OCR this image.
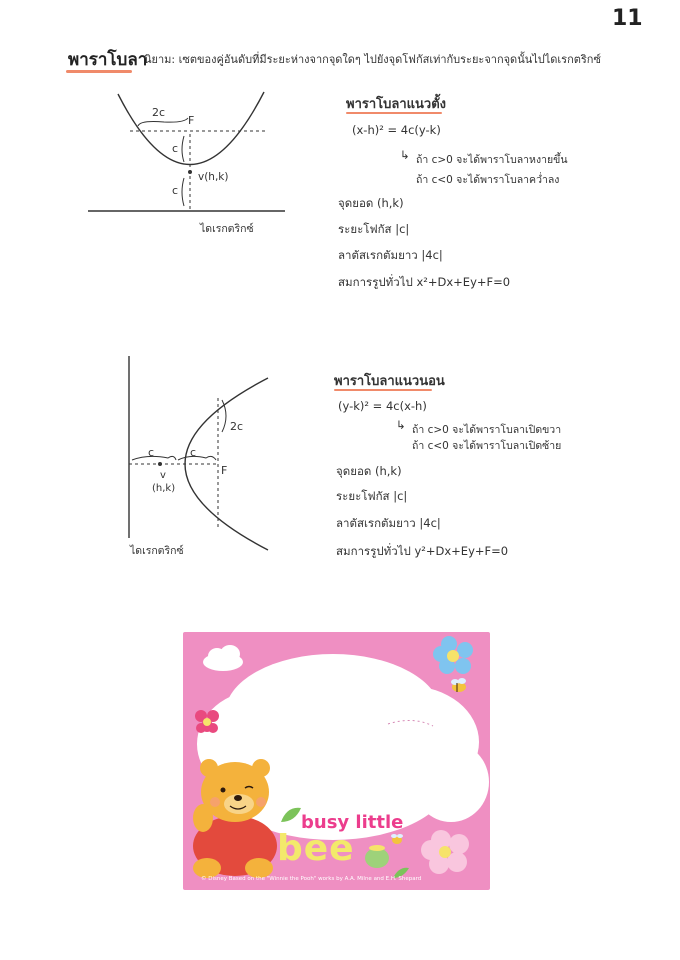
11
พาราโบลา
นิยาม: เซตของคู่อันดับที่มีระยะห่างจากจุดใดๆ ไปยังจุดโฟกัสเท่ากับระยะจากจุดนั้นไปไดเรกตริกซ์
2c
F
c
c
v(h,k)
ไดเรกตริกซ์
พาราโบลาแนวตั้ง
(x-h)² = 4c(y-k)
↳ ถ้า c>0 จะได้พาราโบลาหงายขึ้น
ถ้า c<0 จะได้พาราโบลาคว่ำลง
จุดยอด (h,k)
ระยะโฟกัส |c|
ลาตัสเรกตัมยาว |4c|
สมการรูปทั่วไป x²+Dx+Ey+F=0
2c
F
c	c
v
(h,k)
ไดเรกตริกซ์
พาราโบลาแนวนอน
(y-k)² = 4c(x-h)
↳ ถ้า c>0 จะได้พาราโบลาเปิดขวา
ถ้า c<0 จะได้พาราโบลาเปิดซ้าย
จุดยอด (h,k)
ระยะโฟกัส |c|
ลาตัสเรกตัมยาว |4c|
สมการรูปทั่วไป y²+Dx+Ey+F=0
busy little
bee
© Disney Based on the "Winnie the Pooh" works by A.A. Milne and E.H. Shepard
